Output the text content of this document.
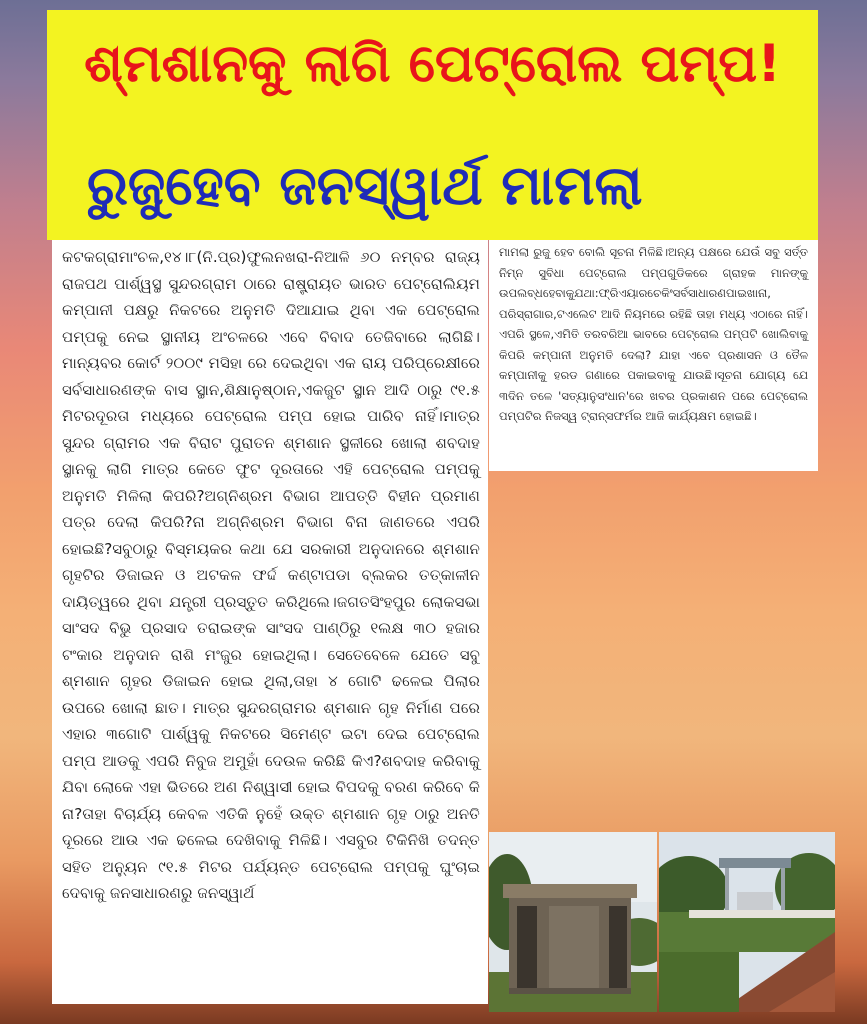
ଶ୍ମଶାନକୁ ଲାଗି ପେଟ୍ରୋଲ ପମ୍ପ!
ରୁଜୁହେବ ଜନସ୍ୱାର୍ଥ ମାମଲା

କଟକଗ୍ରାମାଂଚଳ,୧୪।୮(ନି.ପ୍ର)ଫୁଲନଖରା-ନିଆଳି ୬୦ ନମ୍ବର ରାଜ୍ୟ ରାଜପଥ ପାର୍ଶ୍ୱସ୍ଥ ସୁନ୍ଦରଗ୍ରାମ ଠାରେ ରାଷ୍ଟ୍ରାୟତ ଭାରତ ପେଟ୍ରୋଲିୟମ କମ୍ପାନୀ ପକ୍ଷରୁ ନିକଟରେ ଅନୁମତି ଦିଆଯାଇ ଥିବା ଏକ ପେଟ୍ରୋଲ ପମ୍ପକୁ ନେଇ ସ୍ଥାନୀୟ ଅଂଚଳରେ ଏବେ ବିବାଦ ତେଜିବାରେ ଲାଗିଛି।ମାନ୍ୟବର କୋର୍ଟ ୨୦୦୯ ମସିହା ରେ ଦେଇଥିବା ଏକ ରାୟ ପରିପ୍ରେକ୍ଷୀରେ ସର୍ବସାଧାରଣଙ୍କ ବାସ ସ୍ଥାନ,ଶିକ୍ଷାନୁଷ୍ଠାନ,ଏକଜୁଟ ସ୍ଥାନ ଆଦି ଠାରୁ ୯୧.୫ ମିଟରଦୂରତା ମଧ୍ୟରେ ପେଟ୍ରୋଲ ପମ୍ପ ହୋଇ ପାରିବ ନାହିଁ।ମାତ୍ର ସୁନ୍ଦର ଗ୍ରାମର ଏକ ବିରାଟ ପୁରାତନ ଶ୍ମଶାନ ସ୍ଥଳୀରେ ଖୋଲା ଶବଦାହ ସ୍ଥାନକୁ ଲାଗି ମାତ୍ର କେତେ ଫୁଟ ଦୂରତାରେ ଏହି ପେଟ୍ରୋଲ ପମ୍ପକୁ ଅନୁମତି ମିଳିଲା କିପରି?ଅଗ୍ନିଶ୍ରମ ବିଭାଗ ଆପତ୍ତି ବିହୀନ ପ୍ରମାଣ ପତ୍ର ଦେଲା କିପରି?ନା ଅଗ୍ନିଶ୍ରମ ବିଭାଗ ବିନା ଜାଣତରେ ଏପରି ହୋଇଛି?ସବୁଠାରୁ ବିସ୍ମୟକର କଥା ଯେ ସରକାରୀ ଅନୁଦାନରେ ଶ୍ମଶାନ ଗୃହଟିର ଡିଜାଇନ ଓ ଅଟକଳ ଫର୍ଦ୍ଦ କଣ୍ଟାପଡା ବ୍ଲକର ତତ୍କାଳୀନ ଦାୟିତ୍ୱରେ ଥିବା ଯନ୍ତ୍ରୀ ପ୍ରସ୍ତୁତ କରିଥିଲେ।ଜଗତସିଂହପୁର ଲୋକସଭା ସାଂସଦ ବିଭୁ ପ୍ରସାଦ ତରାଇଙ୍କ ସାଂସଦ ପାଣ୍ଠିରୁ ୧ଲକ୍ଷ ୩୦ ହଜାର ଟଂକାର ଅନୁଦାନ ରାଶି ମଂଜୁର ହୋଇଥିଲା। ସେତେବେଳେ ଯେତେ ସବୁ ଶ୍ମଶାନ ଗୃହର ଡିଜାଇନ ହୋଇ ଥିଲା,ତାହା ୪ ଗୋଟି ଢଳେଇ ପିଲାର ଉପରେ ଖୋଲା ଛାତ। ମାତ୍ର ସୁନ୍ଦରଗ୍ରାମର ଶ୍ମଶାନ ଗୃହ ନିର୍ମାଣ ପରେ ଏହାର ୩ଗୋଟି ପାର୍ଶ୍ୱକୁ ନିକଟରେ ସିମେଣ୍ଟ ଇଟା ଦେଇ ପେଟ୍ରୋଲ ପମ୍ପ ଆଡକୁ ଏପରି ନିବୁଜ ଅମୁହାଁ ଦେଉଳ କରିଛି କିଏ?ଶବଦାହ କରିବାକୁ ଯିବା ଲୋକେ ଏହା ଭିତରେ ଅଣ ନିଶ୍ୱାସୀ ହୋଇ ବିପଦକୁ ବରଣ କରିବେ କି ନା?ତାହା ବିଚାର୍ଯ୍ୟ କେବଳ ଏତିକି ନୁହେଁ ଉକ୍ତ ଶ୍ମଶାନ ଗୃହ ଠାରୁ ଅନତି ଦୂରରେ ଆଉ ଏକ ଢଳେଇ ଦେଖିବାକୁ ମିଳିଛି। ଏସବୁର ଟିକିନିଖି ତଦନ୍ତ ସହିତ ଅନ୍ୟୁନ ୯୧.୫ ମିଟର ପର୍ଯ୍ୟନ୍ତ ପେଟ୍ରୋଲ ପମ୍ପକୁ ଘୁଂଚାଇ ଦେବାକୁ ଜନସାଧାରଣରୁ ଜନସ୍ୱାର୍ଥ

ମାମଲା ରୁଜୁ ହେବ ବୋଲି ସୂଚନା ମିଳିଛି।ଅନ୍ୟ ପକ୍ଷରେ ଯେଉଁ ସବୁ ସର୍ତ୍ତ ନିମ୍ନ ସୁବିଧା ପେଟ୍ରୋଲ ପମ୍ପଗୁଡିକରେ ଗ୍ରାହକ ମାନଙ୍କୁ ଉପଲବ୍ଧହେବାକୁଯଥା:ଫ୍ରିଏୟାରଚେକିଂସର୍ବସାଧାରଣପାଇଖାନା, ପରିସ୍ରାଗାର,ଟଏଲେଟ ଆଦି ନିୟମରେ ରହିଛି ତାହା ମଧ୍ୟ ଏଠାରେ ନାହିଁ।ଏପରି ସ୍ଥଳେ,ଏମିତି ତରବରିଆ ଭାବରେ ପେଟ୍ରୋଲ ପମ୍ପଟି ଖୋଲିବାକୁ କିପରି କମ୍ପାନୀ ଅନୁମତି ଦେଲା? ଯାହା ଏବେ ପ୍ରଶାସନ ଓ ତୈଳ କମ୍ପାନୀକୁ ହରଡ ଗଣାରେ ପକାଇବାକୁ ଯାଉଛି।ସୂଚନା ଯୋଗ୍ୟ ଯେ ୩ଦିନ ତଳେ 'ସତ୍ୟାନୁସଂଧାନ'ରେ ଖବର ପ୍ରକାଶନ ପରେ ପେଟ୍ରୋଲ ପମ୍ପଟିର ନିଜସ୍ୱ ଟ୍ରାନ୍ସଫର୍ମର ଆଜି କାର୍ଯ୍ୟକ୍ଷମ ହୋଇଛି।
